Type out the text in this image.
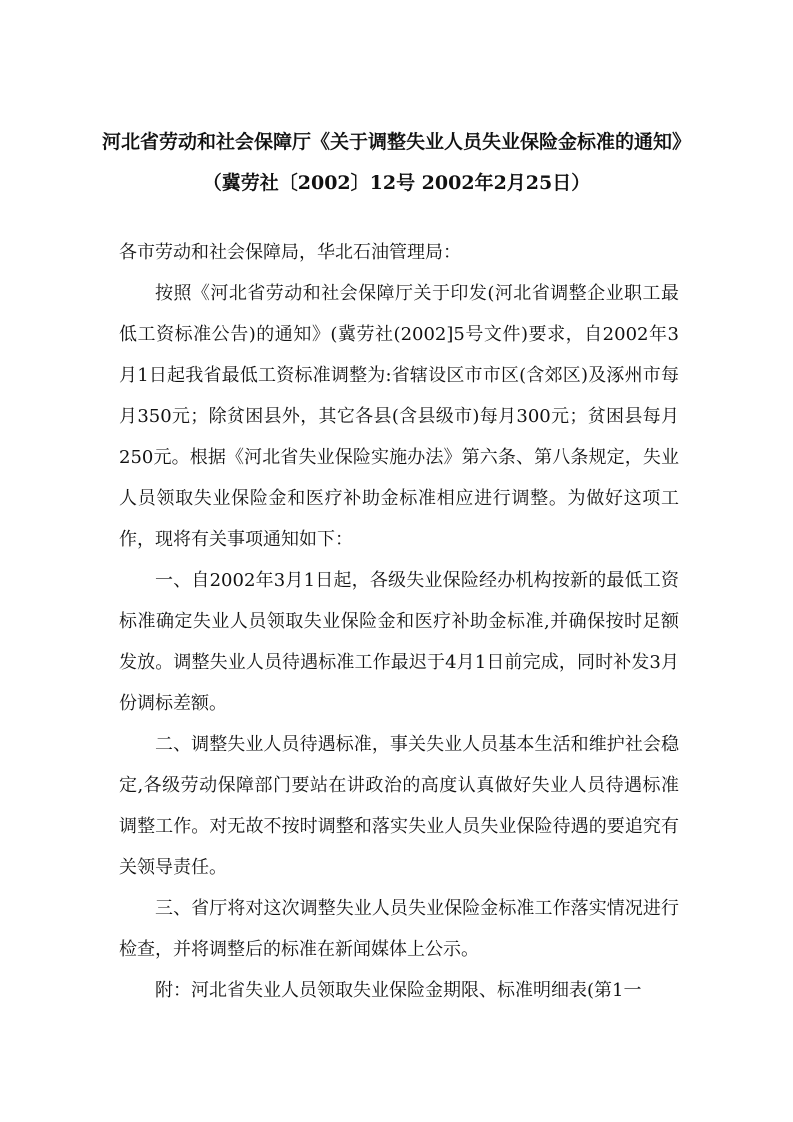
河北省劳动和社会保障厅《关于调整失业人员失业保险金标准的通知》
（冀劳社〔2002〕12号 2002年2月25日）

各市劳动和社会保障局，华北石油管理局：

按照《河北省劳动和社会保障厅关于印发(河北省调整企业职工最低工资标准公告)的通知》(冀劳社(2002]5号文件)要求，自2002年3月1日起我省最低工资标准调整为:省辖设区市市区(含郊区)及涿州市每月350元；除贫困县外，其它各县(含县级市)每月300元；贫困县每月250元。根据《河北省失业保险实施办法》第六条、第八条规定，失业人员领取失业保险金和医疗补助金标准相应进行调整。为做好这项工作，现将有关事项通知如下：

一、自2002年3月1日起，各级失业保险经办机构按新的最低工资标准确定失业人员领取失业保险金和医疗补助金标准,并确保按时足额发放。调整失业人员待遇标准工作最迟于4月1日前完成，同时补发3月份调标差额。

二、调整失业人员待遇标准，事关失业人员基本生活和维护社会稳定,各级劳动保障部门要站在讲政治的高度认真做好失业人员待遇标准调整工作。对无故不按时调整和落实失业人员失业保险待遇的要追究有关领导责任。

三、省厅将对这次调整失业人员失业保险金标准工作落实情况进行检查，并将调整后的标准在新闻媒体上公示。

附：河北省失业人员领取失业保险金期限、标准明细表(第1一
